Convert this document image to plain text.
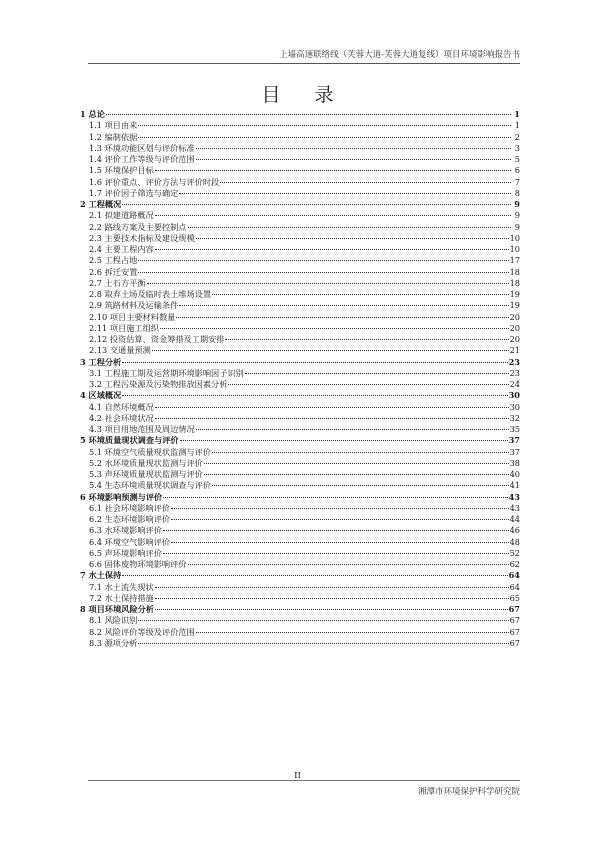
上墙高速联络线（芙蓉大道-芙蓉大道复线）项目环境影响报告书
目 录
1 总论	1
1.1 项目由来	1
1.2 编制依据	2
1.3 环境功能区划与评价标准	3
1.4 评价工作等级与评价范围	5
1.5 环境保护目标	6
1.6 评价重点、评价方法与评价时段	7
1.7 评价因子筛选与确定	8
2 工程概况	9
2.1 拟建道路概况	9
2.2 路线方案及主要控制点	9
2.3 主要技术指标及建设规模	10
2.4 主要工程内容	10
2.5 工程占地	17
2.6 拆迁安置	18
2.7 土石方平衡	18
2.8 取弃土场及临时表土堆场设置	19
2.9 筑路材料及运输条件	19
2.10 项目主要材料数量	20
2.11 项目施工组织	20
2.12 投资估算、资金筹措及工期安排	20
2.13 交通量预测	21
3 工程分析	23
3.1 工程施工期及运营期环境影响因子识别	23
3.2 工程污染源及污染物排放因素分析	24
4 区域概况	30
4.1 自然环境概况	30
4.2 社会环境状况	32
4.3 项目用地范围及周边情况	35
5 环境质量现状调查与评价	37
5.1 环境空气质量现状监测与评价	37
5.2 水环境质量现状监测与评价	38
5.3 声环境质量现状监测与评价	40
5.4 生态环境质量现状调查与评价	41
6 环境影响预测与评价	43
6.1 社会环境影响评价	43
6.2 生态环境影响评价	44
6.3 水环境影响评价	46
6.4 环境空气影响评价	48
6.5 声环境影响评价	52
6.6 固体废物环境影响评价	62
7 水土保持	64
7.1 水土流失现状	64
7.2 水土保持措施	65
8 项目环境风险分析	67
8.1 风险识别	67
8.2 风险评价等级及评价范围	67
8.3 源项分析	67
II
湘潭市环境保护科学研究院
